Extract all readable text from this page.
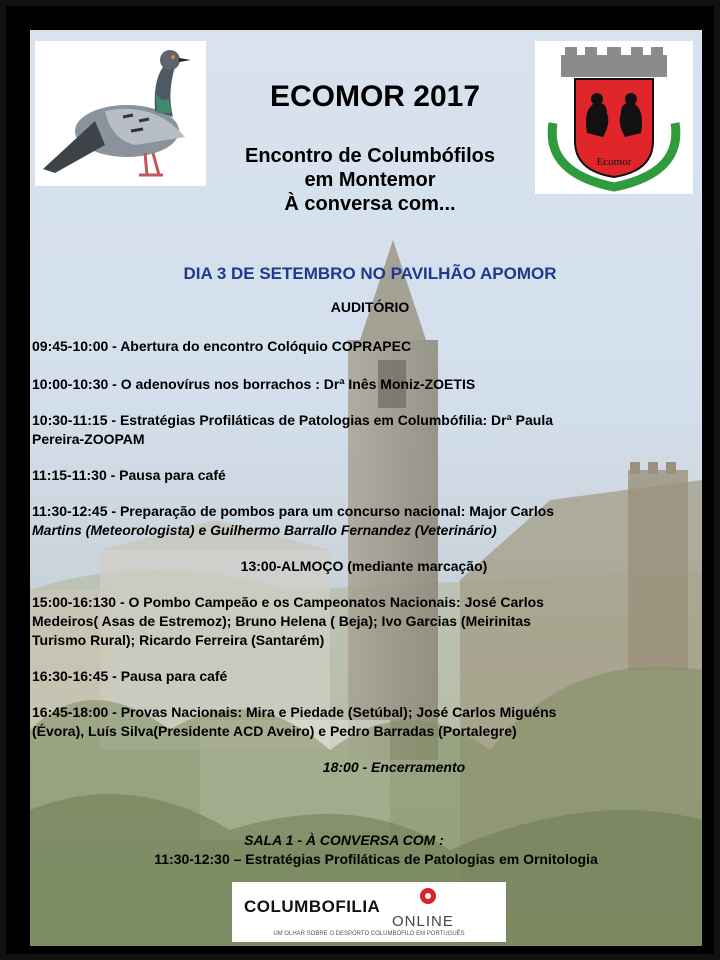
Ecomor
ECOMOR 2017
Encontro de Columbófilos
em Montemor
À conversa com...
DIA 3 DE SETEMBRO NO PAVILHÃO APOMOR
AUDITÓRIO
09:45-10:00 - Abertura do encontro Colóquio COPRAPEC
10:00-10:30 - O adenovírus nos borrachos : Drª Inês Moniz-ZOETIS
10:30-11:15 - Estratégias Profiláticas de Patologias em Columbófilia: Drª Paula
Pereira-ZOOPAM
11:15-11:30 - Pausa para café
11:30-12:45 - Preparação de pombos para um concurso nacional: Major Carlos
Martins (Meteorologista) e Guilhermo Barrallo Fernandez (Veterinário)
13:00-ALMOÇO (mediante marcação)
15:00-16:130 - O Pombo Campeão e os Campeonatos Nacionais: José Carlos
Medeiros( Asas de Estremoz); Bruno Helena ( Beja); Ivo Garcias (Meirinitas
Turismo Rural); Ricardo Ferreira (Santarém)
16:30-16:45 - Pausa para café
16:45-18:00 - Provas Nacionais: Mira e Piedade (Setúbal); José Carlos Miguéns
(Évora), Luís Silva(Presidente ACD Aveiro) e Pedro Barradas (Portalegre)
18:00 - Encerramento
SALA 1 - À CONVERSA COM :
11:30-12:30 – Estratégias Profiláticas de Patologias em Ornitologia
COLUMBOFILIA
ONLINE
UM OLHAR SOBRE O DESPORTO COLUMBÓFILO EM PORTUGUÊS
